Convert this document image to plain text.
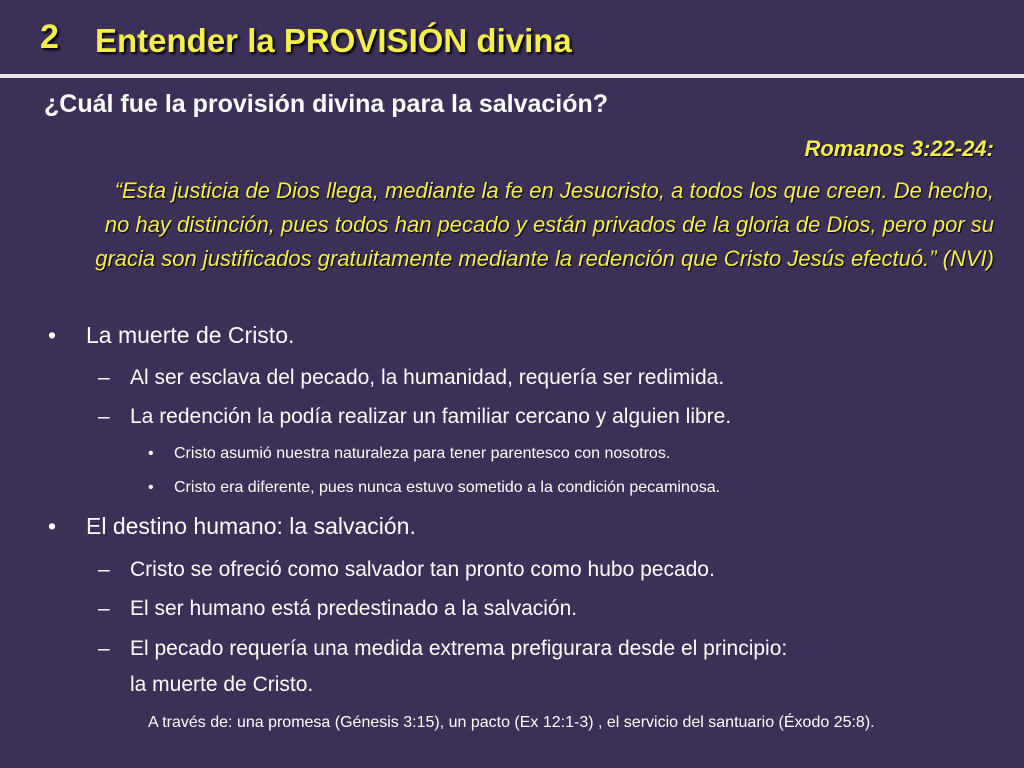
2 Entender la PROVISIÓN divina
¿Cuál fue la provisión divina para la salvación?
Romanos 3:22-24:
“Esta justicia de Dios llega, mediante la fe en Jesucristo, a todos los que creen. De hecho, no hay distinción, pues todos han pecado y están privados de la gloria de Dios, pero por su gracia son justificados gratuitamente mediante la redención que Cristo Jesús efectuó.” (NVI)
• La muerte de Cristo.
– Al ser esclava del pecado, la humanidad, requería ser redimida.
– La redención la podía realizar un familiar cercano y alguien libre.
• Cristo asumió nuestra naturaleza para tener parentesco con nosotros.
• Cristo era diferente, pues nunca estuvo sometido a la condición pecaminosa.
• El destino humano: la salvación.
– Cristo se ofreció como salvador tan pronto como hubo pecado.
– El ser humano está predestinado a la salvación.
– El pecado requería una medida extrema prefigurara desde el principio:
la muerte de Cristo.
A través de: una promesa (Génesis 3:15), un pacto (Ex 12:1-3) , el servicio del santuario (Éxodo 25:8).
